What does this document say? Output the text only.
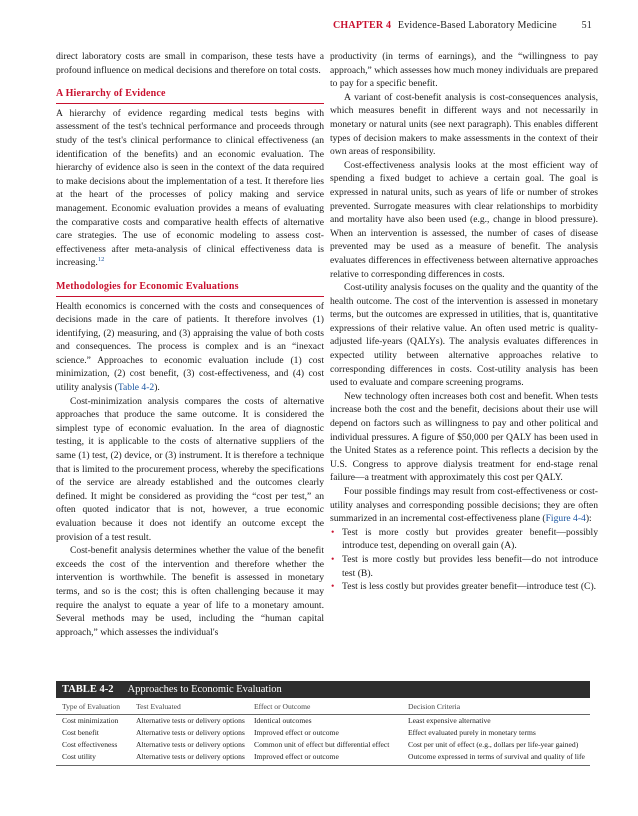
CHAPTER 4 Evidence-Based Laboratory Medicine 51

direct laboratory costs are small in comparison, these tests have a profound influence on medical decisions and therefore on total costs.

A Hierarchy of Evidence

A hierarchy of evidence regarding medical tests begins with assessment of the test's technical performance and proceeds through study of the test's clinical performance to clinical effectiveness (an identification of the benefits) and an economic evaluation. The hierarchy of evidence also is seen in the context of the data required to make decisions about the implementation of a test. It therefore lies at the heart of the processes of policy making and service management. Economic evaluation provides a means of evaluating the comparative costs and comparative health effects of alternative care strategies. The use of economic modeling to assess cost-effectiveness after meta-analysis of clinical effectiveness data is increasing.$^{12}$

Methodologies for Economic Evaluations

Health economics is concerned with the costs and consequences of decisions made in the care of patients. It therefore involves (1) identifying, (2) measuring, and (3) appraising the value of both costs and consequences. The process is complex and is an “inexact science.” Approaches to economic evaluation include (1) cost minimization, (2) cost benefit, (3) cost-effectiveness, and (4) cost utility analysis (Table 4-2).

Cost-minimization analysis compares the costs of alternative approaches that produce the same outcome. It is considered the simplest type of economic evaluation. In the area of diagnostic testing, it is applicable to the costs of alternative suppliers of the same (1) test, (2) device, or (3) instrument. It is therefore a technique that is limited to the procurement process, whereby the specifications of the service are already established and the outcomes clearly defined. It might be considered as providing the “cost per test,” an often quoted indicator that is not, however, a true economic evaluation because it does not identify an outcome except the provision of a test result.

Cost-benefit analysis determines whether the value of the benefit exceeds the cost of the intervention and therefore whether the intervention is worthwhile. The benefit is assessed in monetary terms, and so is the cost; this is often challenging because it may require the analyst to equate a year of life to a monetary amount. Several methods may be used, including the “human capital approach,” which assesses the individual's

productivity (in terms of earnings), and the “willingness to pay approach,” which assesses how much money individuals are prepared to pay for a specific benefit.

A variant of cost-benefit analysis is cost-consequences analysis, which measures benefit in different ways and not necessarily in monetary or natural units (see next paragraph). This enables different types of decision makers to make assessments in the context of their own areas of responsibility.

Cost-effectiveness analysis looks at the most efficient way of spending a fixed budget to achieve a certain goal. The goal is expressed in natural units, such as years of life or number of strokes prevented. Surrogate measures with clear relationships to morbidity and mortality have also been used (e.g., change in blood pressure). When an intervention is assessed, the number of cases of disease prevented may be used as a measure of benefit. The analysis evaluates differences in effectiveness between alternative approaches relative to corresponding differences in costs.

Cost-utility analysis focuses on the quality and the quantity of the health outcome. The cost of the intervention is assessed in monetary terms, but the outcomes are expressed in utilities, that is, quantitative expressions of their relative value. An often used metric is quality-adjusted life-years (QALYs). The analysis evaluates differences in expected utility between alternative approaches relative to corresponding differences in costs. Cost-utility analysis has been used to evaluate and compare screening programs.

New technology often increases both cost and benefit. When tests increase both the cost and the benefit, decisions about their use will depend on factors such as willingness to pay and other political and individual pressures. A figure of $50,000 per QALY has been used in the United States as a reference point. This reflects a decision by the U.S. Congress to approve dialysis treatment for end-stage renal failure—a treatment with approximately this cost per QALY.

Four possible findings may result from cost-effectiveness or cost-utility analyses and corresponding possible decisions; they are often summarized in an incremental cost-effectiveness plane (Figure 4-4):

• Test is more costly but provides greater benefit—possibly introduce test, depending on overall gain (A).
• Test is more costly but provides less benefit—do not introduce test (B).
• Test is less costly but provides greater benefit—introduce test (C).
TABLE 4-2 Approaches to Economic Evaluation
Type of Evaluation	Test Evaluated	Effect or Outcome	Decision Criteria
Cost minimization	Alternative tests or delivery options	Identical outcomes	Least expensive alternative
Cost benefit	Alternative tests or delivery options	Improved effect or outcome	Effect evaluated purely in monetary terms
Cost effectiveness	Alternative tests or delivery options	Common unit of effect but differential effect	Cost per unit of effect (e.g., dollars per life-year gained)
Cost utility	Alternative tests or delivery options	Improved effect or outcome	Outcome expressed in terms of survival and quality of life
